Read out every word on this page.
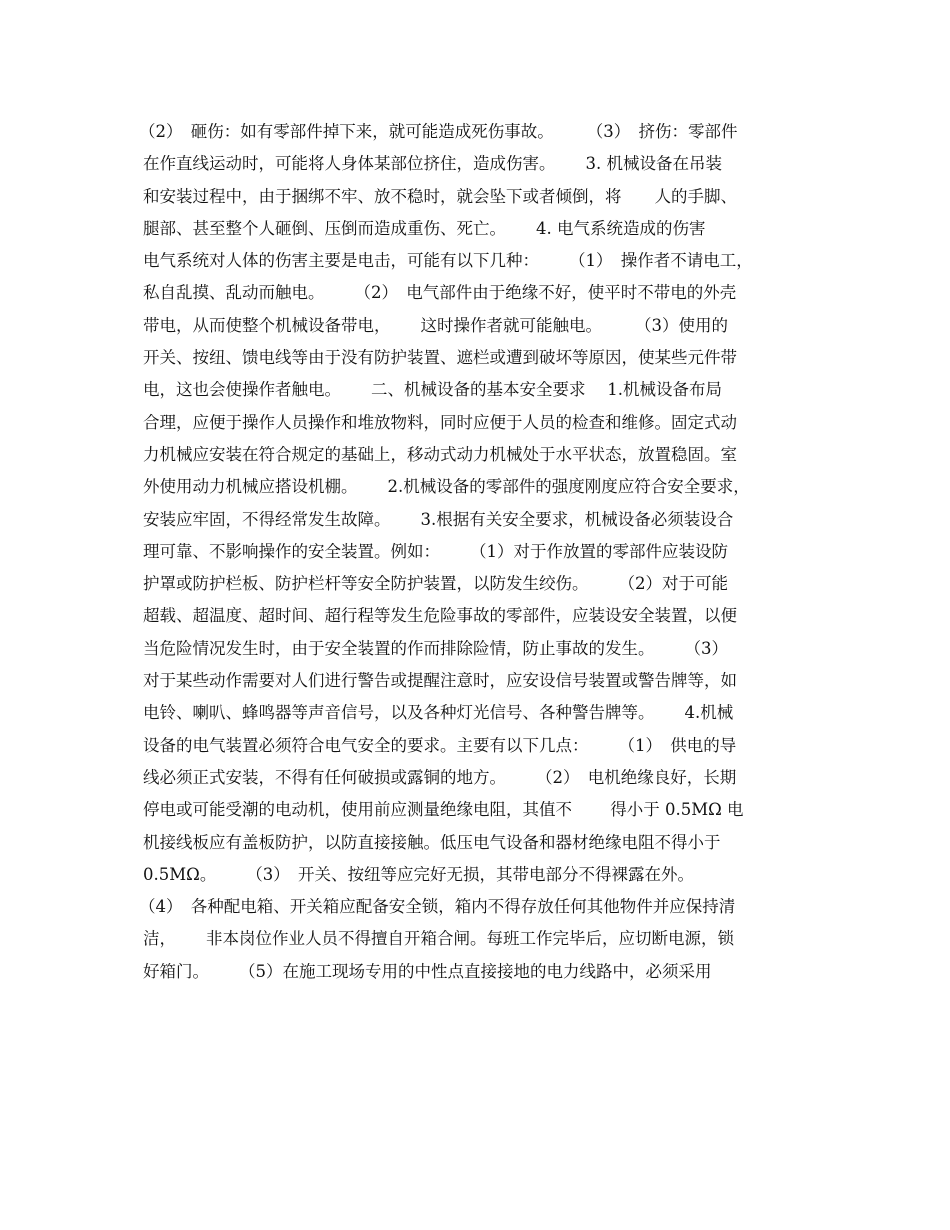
（2）　砸伤：如有零部件掉下来，就可能造成死伤事故。　　　（3）　挤伤：零部件
在作直线运动时，可能将人身体某部位挤住，造成伤害。　　 3. 机械设备在吊装
和安装过程中，由于捆绑不牢、放不稳时，就会坠下或者倾倒，将　　人的手脚、
腿部、甚至整个人砸倒、压倒而造成重伤、死亡。　　 4. 电气系统造成的伤害
电气系统对人体的伤害主要是电击，可能有以下几种：　　 （1）　操作者不请电工，
私自乱摸、乱动而触电。　　 （2）　电气部件由于绝缘不好，使平时不带电的外壳
带电，从而使整个机械设备带电，　　 这时操作者就可能触电。　　　（3）使用的
开关、按纽、馈电线等由于没有防护装置、遮栏或遭到破坏等原因，使某些元件带
电，这也会使操作者触电。　　 二、机械设备的基本安全要求　 1.机械设备布局
合理，应便于操作人员操作和堆放物料，同时应便于人员的检查和维修。固定式动
力机械应安装在符合规定的基础上，移动式动力机械处于水平状态，放置稳固。室
外使用动力机械应搭设机棚。　　 2.机械设备的零部件的强度刚度应符合安全要求，
安装应牢固，不得经常发生故障。　　 3.根据有关安全要求，机械设备必须装设合
理可靠、不影响操作的安全装置。例如：　　 （1）对于作放置的零部件应装设防
护罩或防护栏板、防护栏杆等安全防护装置，以防发生绞伤。　　 （2）对于可能
超载、超温度、超时间、超行程等发生危险事故的零部件，应装设安全装置，以便
当危险情况发生时，由于安全装置的作而排除险情，防止事故的发生。　　 （3）
对于某些动作需要对人们进行警告或提醒注意时，应安设信号装置或警告牌等，如
电铃、喇叭、蜂鸣器等声音信号，以及各种灯光信号、各种警告牌等。　　 4.机械
设备的电气装置必须符合电气安全的要求。主要有以下几点：　　 （1）　供电的导
线必须正式安装，不得有任何破损或露铜的地方。　　 （2）　电机绝缘良好，长期
停电或可能受潮的电动机，使用前应测量绝缘电阻，其值不　　 得小于 0.5MΩ 电
机接线板应有盖板防护，以防直接接触。低压电气设备和器材绝缘电阻不得小于
0.5MΩ。　　 （3）　开关、按纽等应完好无损，其带电部分不得裸露在外。
（4）　各种配电箱、开关箱应配备安全锁，箱内不得存放任何其他物件并应保持清
洁，　　 非本岗位作业人员不得擅自开箱合闸。每班工作完毕后，应切断电源，锁
好箱门。　　 （5）在施工现场专用的中性点直接接地的电力线路中，必须采用
